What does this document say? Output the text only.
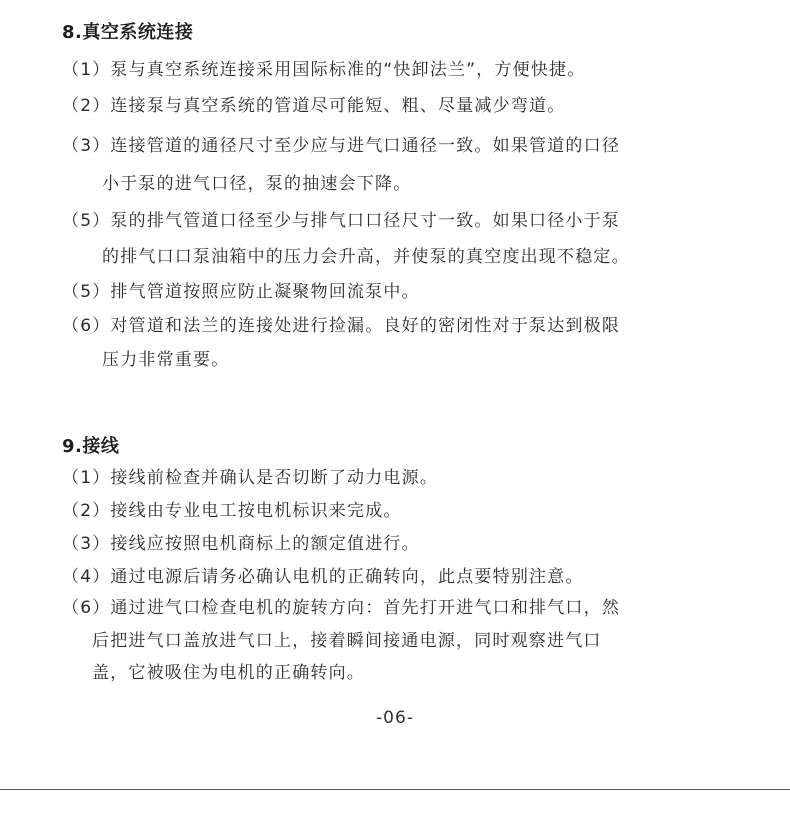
8.真空系统连接
（1）泵与真空系统连接采用国际标准的“快卸法兰”，方便快捷。
（2）连接泵与真空系统的管道尽可能短、粗、尽量减少弯道。
（3）连接管道的通径尺寸至少应与进气口通径一致。如果管道的口径
小于泵的进气口径，泵的抽速会下降。
（5）泵的排气管道口径至少与排气口口径尺寸一致。如果口径小于泵
的排气口口泵油箱中的压力会升高，并使泵的真空度出现不稳定。
（5）排气管道按照应防止凝聚物回流泵中。
（6）对管道和法兰的连接处进行捡漏。良好的密闭性对于泵达到极限
压力非常重要。
9.接线
（1）接线前检查并确认是否切断了动力电源。
（2）接线由专业电工按电机标识来完成。
（3）接线应按照电机商标上的额定值进行。
（4）通过电源后请务必确认电机的正确转向，此点要特别注意。
（6）通过进气口检查电机的旋转方向：首先打开进气口和排气口，然
后把进气口盖放进气口上，接着瞬间接通电源，同时观察进气口
盖，它被吸住为电机的正确转向。
-06-
